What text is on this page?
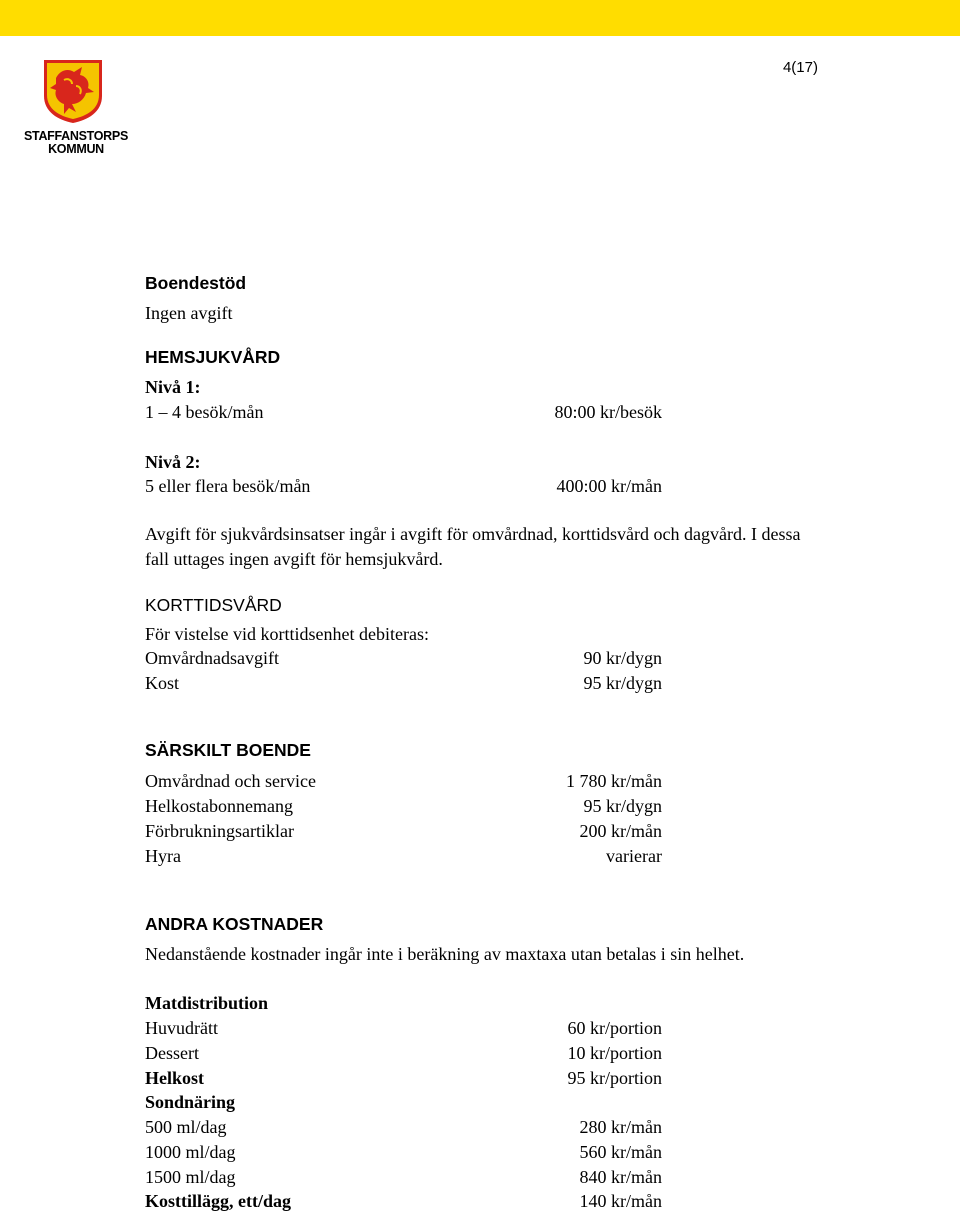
4(17)
STAFFANSTORPS
KOMMUN
Boendestöd
Ingen avgift
HEMSJUKVÅRD
Nivå 1:
1 – 4 besök/mån	80:00 kr/besök
Nivå 2:
5 eller flera besök/mån	400:00 kr/mån
Avgift för sjukvårdsinsatser ingår i avgift för omvårdnad, korttidsvård och dagvård. I dessa fall uttages ingen avgift för hemsjukvård.
KORTTIDSVÅRD
För vistelse vid korttidsenhet debiteras:
Omvårdnadsavgift	90 kr/dygn
Kost	95 kr/dygn
SÄRSKILT BOENDE
Omvårdnad och service	1 780 kr/mån
Helkostabonnemang	95 kr/dygn
Förbrukningsartiklar	200 kr/mån
Hyra	varierar
ANDRA KOSTNADER
Nedanstående kostnader ingår inte i beräkning av maxtaxa utan betalas i sin helhet.
Matdistribution
Huvudrätt	60 kr/portion
Dessert	10 kr/portion
Helkost	95 kr/portion
Sondnäring
500 ml/dag	280 kr/mån
1000 ml/dag	560 kr/mån
1500 ml/dag	840 kr/mån
Kosttillägg, ett/dag	140 kr/mån
